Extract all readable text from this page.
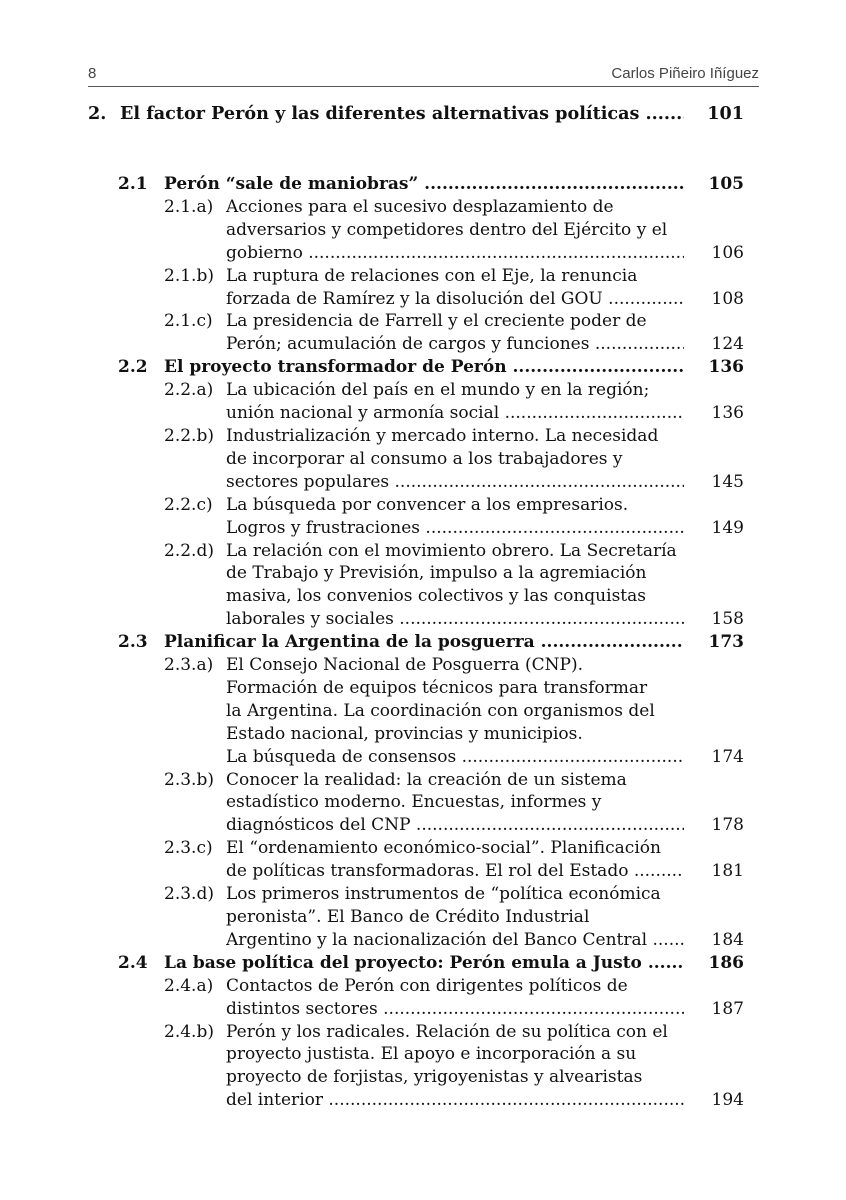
8	Carlos Piñeiro Iñíguez
2. El factor Perón y las diferentes alternativas políticas .....	101
2.1 Perón “sale de maniobras” .....	105
2.1.a) Acciones para el sucesivo desplazamiento de
adversarios y competidores dentro del Ejército y el
gobierno .....	106
2.1.b) La ruptura de relaciones con el Eje, la renuncia
forzada de Ramírez y la disolución del GOU .....	108
2.1.c) La presidencia de Farrell y el creciente poder de
Perón; acumulación de cargos y funciones .....	124
2.2 El proyecto transformador de Perón .....	136
2.2.a) La ubicación del país en el mundo y en la región;
unión nacional y armonía social .....	136
2.2.b) Industrialización y mercado interno. La necesidad
de incorporar al consumo a los trabajadores y
sectores populares .....	145
2.2.c) La búsqueda por convencer a los empresarios.
Logros y frustraciones .....	149
2.2.d) La relación con el movimiento obrero. La Secretaría
de Trabajo y Previsión, impulso a la agremiación
masiva, los convenios colectivos y las conquistas
laborales y sociales .....	158
2.3 Planificar la Argentina de la posguerra .....	173
2.3.a) El Consejo Nacional de Posguerra (CNP).
Formación de equipos técnicos para transformar
la Argentina. La coordinación con organismos del
Estado nacional, provincias y municipios.
La búsqueda de consensos .....	174
2.3.b) Conocer la realidad: la creación de un sistema
estadístico moderno. Encuestas, informes y
diagnósticos del CNP .....	178
2.3.c) El “ordenamiento económico-social”. Planificación
de políticas transformadoras. El rol del Estado .....	181
2.3.d) Los primeros instrumentos de “política económica
peronista”. El Banco de Crédito Industrial
Argentino y la nacionalización del Banco Central .....	184
2.4 La base política del proyecto: Perón emula a Justo .....	186
2.4.a) Contactos de Perón con dirigentes políticos de
distintos sectores .....	187
2.4.b) Perón y los radicales. Relación de su política con el
proyecto justista. El apoyo e incorporación a su
proyecto de forjistas, yrigoyenistas y alvearistas
del interior .....	194
